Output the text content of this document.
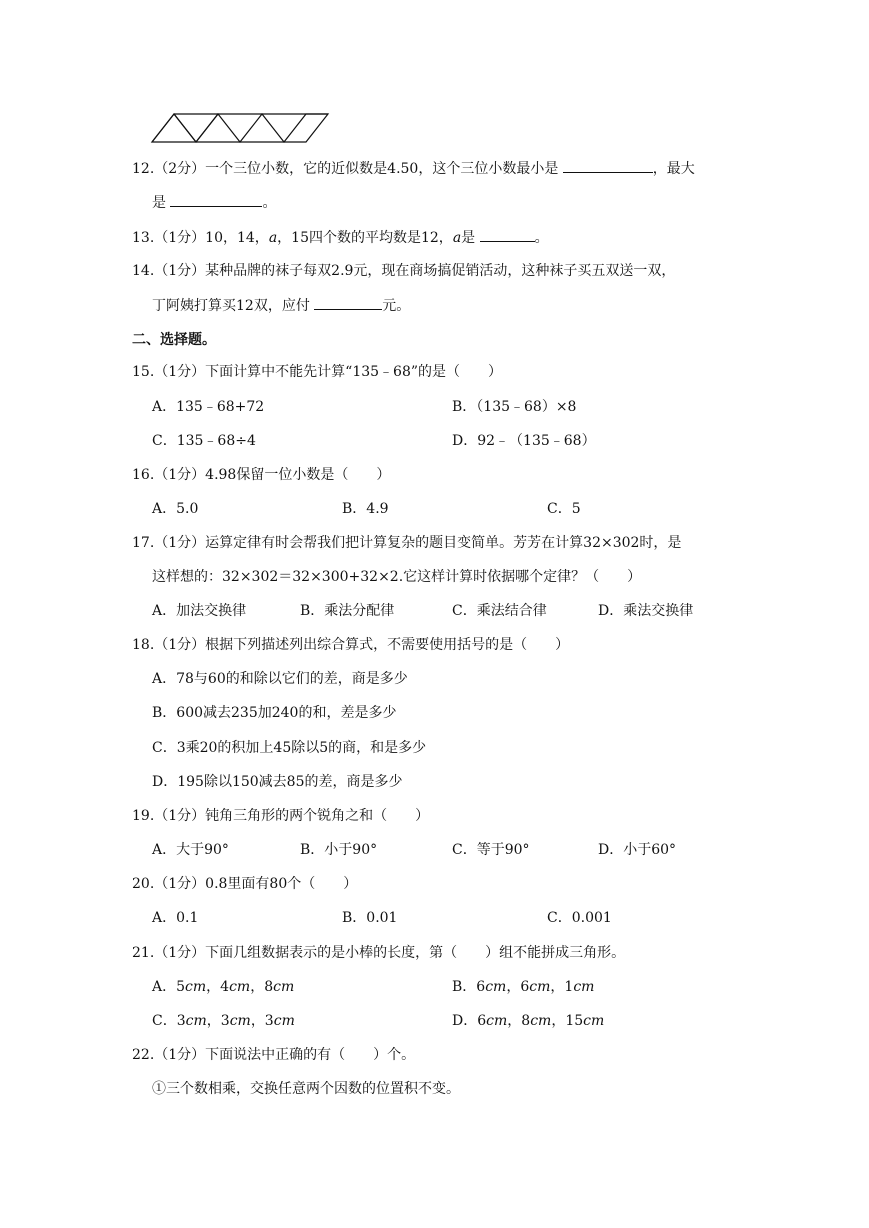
12.（2分）一个三位小数，它的近似数是4.50，这个三位小数最小是	，最大
是	。
13.（1分）10，14，a，15四个数的平均数是12，a是	。
14.（1分）某种品牌的袜子每双2.9元，现在商场搞促销活动，这种袜子买五双送一双，
丁阿姨打算买12双，应付	元。
二、选择题。
15.（1分）下面计算中不能先计算“135﹣68”的是（　　）
A．135﹣68+72	B．（135﹣68）×8
C．135﹣68÷4	D．92﹣（135﹣68）
16.（1分）4.98保留一位小数是（　　）
A．5.0	B．4.9	C．5
17.（1分）运算定律有时会帮我们把计算复杂的题目变简单。芳芳在计算32×302时，是
这样想的：32×302＝32×300+32×2.它这样计算时依据哪个定律？（　　）
A．加法交换律	B．乘法分配律	C．乘法结合律	D．乘法交换律
18.（1分）根据下列描述列出综合算式，不需要使用括号的是（　　）
A．78与60的和除以它们的差，商是多少
B．600减去235加240的和，差是多少
C．3乘20的积加上45除以5的商，和是多少
D．195除以150减去85的差，商是多少
19.（1分）钝角三角形的两个锐角之和（　　）
A．大于90°	B．小于90°	C．等于90°	D．小于60°
20.（1分）0.8里面有80个（　　）
A．0.1	B．0.01	C．0.001
21.（1分）下面几组数据表示的是小棒的长度，第（　　）组不能拼成三角形。
A．5cm，4cm，8cm	B．6cm，6cm，1cm
C．3cm，3cm，3cm	D．6cm，8cm，15cm
22.（1分）下面说法中正确的有（　　）个。
①三个数相乘，交换任意两个因数的位置积不变。
